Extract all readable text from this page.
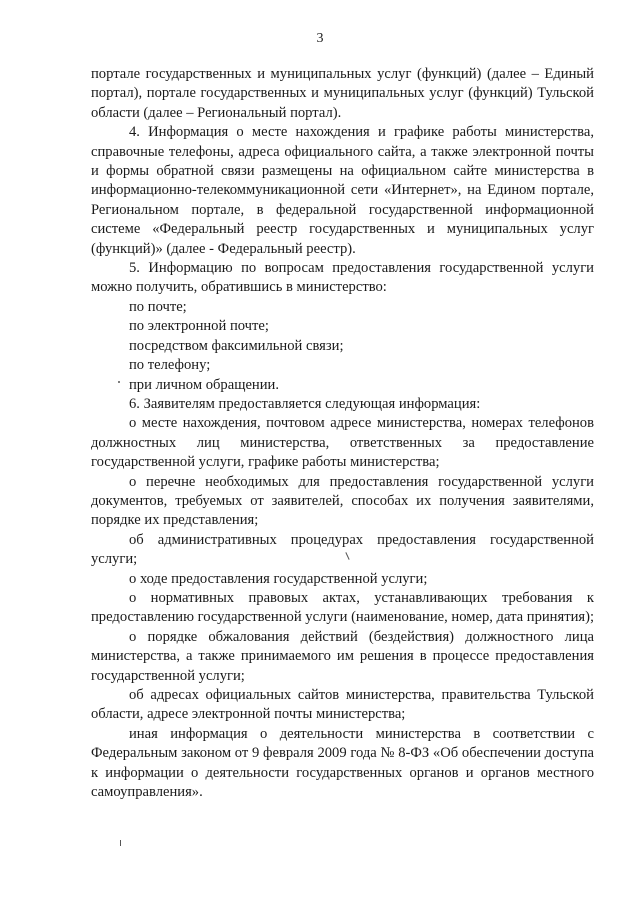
3

порталe государственных и муниципальных услуг (функций) (далее – Единый портал), портале государственных и муниципальных услуг (функций) Тульской области (далее – Региональный портал).

4. Информация о месте нахождения и графике работы министерства, справочные телефоны, адреса официального сайта, а также электронной почты и формы обратной связи размещены на официальном сайте министерства в информационно-телекоммуникационной сети «Интернет», на Едином портале, Региональном портале, в федеральной государственной информационной системе «Федеральный реестр государственных и муниципальных услуг (функций)» (далее - Федеральный реестр).

5. Информацию по вопросам предоставления государственной услуги можно получить, обратившись в министерство:

по почте;

по электронной почте;

посредством факсимильной связи;

по телефону;

при личном обращении.

6. Заявителям предоставляется следующая информация:

о месте нахождения, почтовом адресе министерства, номерах телефонов должностных лиц министерства, ответственных за предоставление государственной услуги, графике работы министерства;

о перечне необходимых для предоставления государственной услуги документов, требуемых от заявителей, способах их получения заявителями, порядке их представления;

об административных процедурах предоставления государственной услуги;

о ходе предоставления государственной услуги;

о нормативных правовых актах, устанавливающих требования к предоставлению государственной услуги (наименование, номер, дата принятия);

о порядке обжалования действий (бездействия) должностного лица министерства, а также принимаемого им решения в процессе предоставления государственной услуги;

об адресах официальных сайтов министерства, правительства Тульской области, адресе электронной почты министерства;

иная информация о деятельности министерства в соответствии с Федеральным законом от 9 февраля 2009 года № 8-ФЗ «Об обеспечении доступа к информации о деятельности государственных органов и органов местного самоуправления».
